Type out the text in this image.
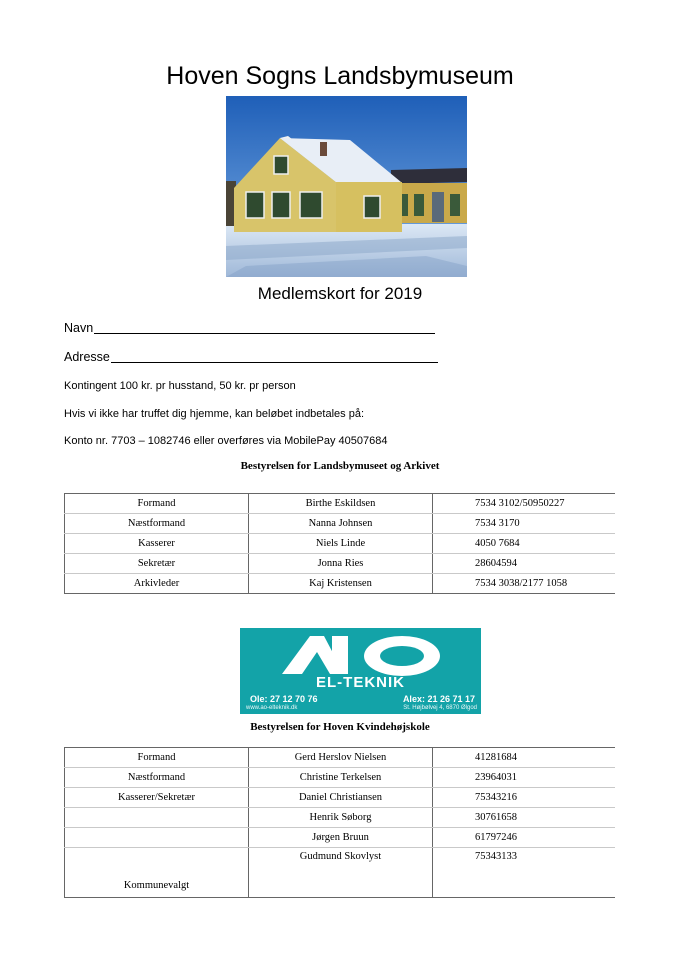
Hoven Sogns Landsbymuseum
Medlemskort for 2019
Navn
Adresse
Kontingent 100 kr. pr husstand, 50 kr. pr person
Hvis vi ikke har truffet dig hjemme, kan beløbet indbetales på:
Konto nr. 7703 – 1082746 eller overføres via MobilePay 40507684
Bestyrelsen for Landsbymuseet og Arkivet
Formand	Birthe Eskildsen	7534 3102/50950227
Næstformand	Nanna Johnsen	7534 3170
Kasserer	Niels Linde	4050 7684
Sekretær	Jonna Ries	28604594
Arkivleder	Kaj Kristensen	7534 3038/2177 1058
EL-TEKNIK
Ole: 27 12 70 76	Alex: 21 26 71 17
www.ao-elteknik.dk	St. Højbølvej 4, 6870 Ølgod
Bestyrelsen for Hoven Kvindehøjskole
Formand	Gerd Herslov Nielsen	41281684
Næstformand	Christine Terkelsen	23964031
Kasserer/Sekretær	Daniel Christiansen	75343216
	Henrik Søborg	30761658
	Jørgen Bruun	61797246
Kommunevalgt	Gudmund Skovlyst	75343133
